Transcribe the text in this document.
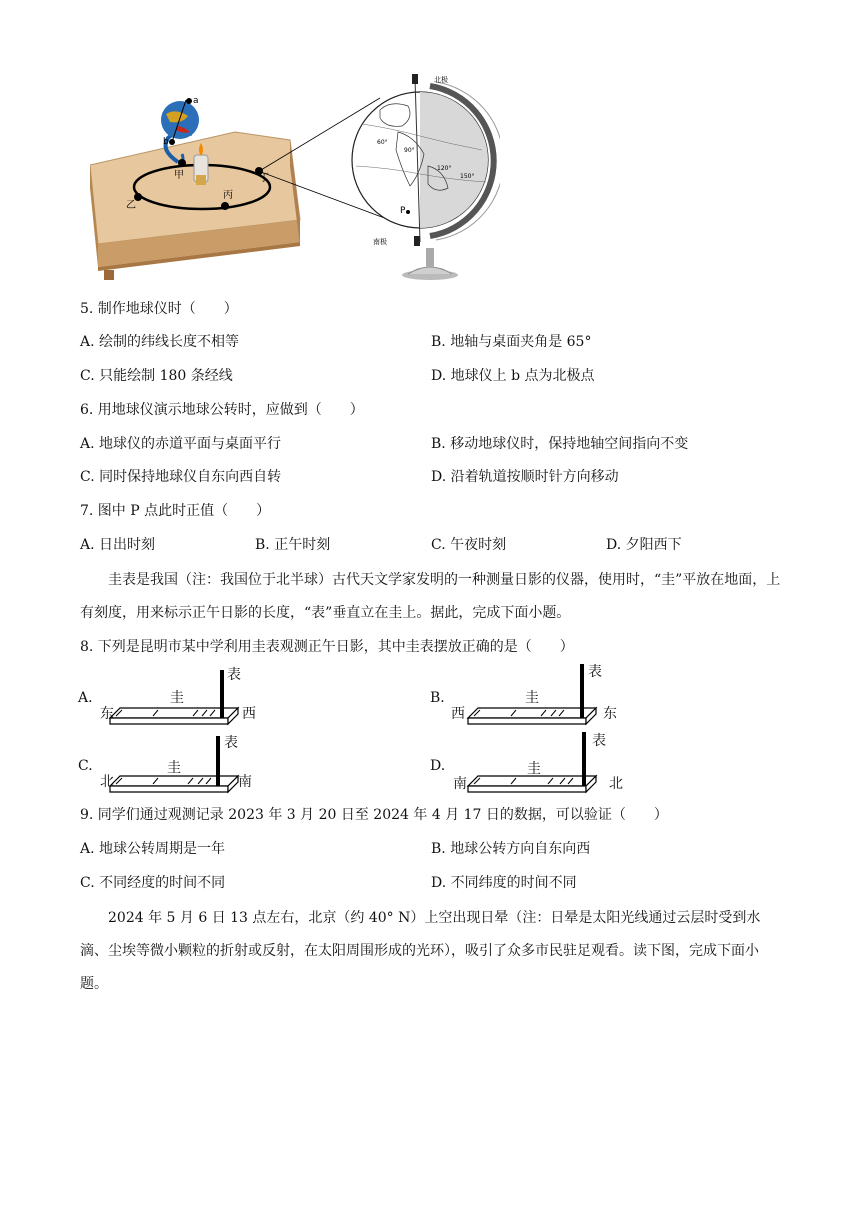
a
b
甲
乙
丙
丁
北极
南极
P
60°
90°
120°
150°
5. 制作地球仪时（　　）
A. 绘制的纬线长度不相等	B. 地轴与桌面夹角是 65°
C. 只能绘制 180 条经线	D. 地球仪上 b 点为北极点
6. 用地球仪演示地球公转时，应做到（　　）
A. 地球仪的赤道平面与桌面平行	B. 移动地球仪时，保持地轴空间指向不变
C. 同时保持地球仪自东向西自转	D. 沿着轨道按顺时针方向移动
7. 图中 P 点此时正值（　　）
A. 日出时刻	B. 正午时刻	C. 午夜时刻	D. 夕阳西下
圭表是我国（注：我国位于北半球）古代天文学家发明的一种测量日影的仪器，使用时，“圭”平放在地面，上有刻度，用来标示正午日影的长度，“表”垂直立在圭上。据此，完成下面小题。
8. 下列是昆明市某中学利用圭表观测正午日影，其中圭表摆放正确的是（　　）
A.	圭
表
东	西
B.	圭
表
西	东
C.	圭
表
北	南
D.	圭
表
南	北
9. 同学们通过观测记录 2023 年 3 月 20 日至 2024 年 4 月 17 日的数据，可以验证（　　）
A. 地球公转周期是一年	B. 地球公转方向自东向西
C. 不同经度的时间不同	D. 不同纬度的时间不同
2024 年 5 月 6 日 13 点左右，北京（约 40° N）上空出现日晕（注：日晕是太阳光线通过云层时受到水滴、尘埃等微小颗粒的折射或反射，在太阳周围形成的光环），吸引了众多市民驻足观看。读下图，完成下面小题。
